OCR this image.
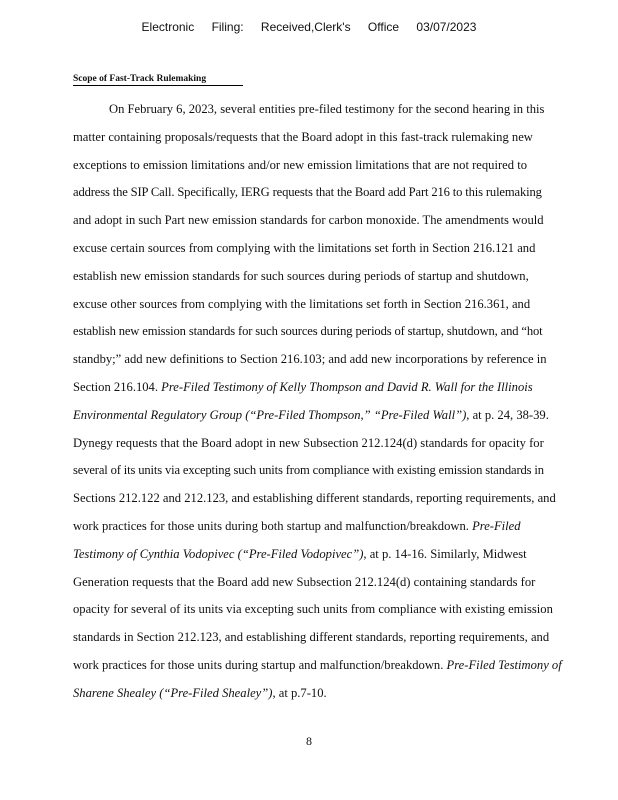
Electronic Filing: Received,Clerk's Office 03/07/2023
Scope of Fast-Track Rulemaking
On February 6, 2023, several entities pre-filed testimony for the second hearing in this
matter containing proposals/requests that the Board adopt in this fast-track rulemaking new
exceptions to emission limitations and/or new emission limitations that are not required to
address the SIP Call. Specifically, IERG requests that the Board add Part 216 to this rulemaking
and adopt in such Part new emission standards for carbon monoxide. The amendments would
excuse certain sources from complying with the limitations set forth in Section 216.121 and
establish new emission standards for such sources during periods of startup and shutdown,
excuse other sources from complying with the limitations set forth in Section 216.361, and
establish new emission standards for such sources during periods of startup, shutdown, and “hot
standby;” add new definitions to Section 216.103; and add new incorporations by reference in
Section 216.104. Pre-Filed Testimony of Kelly Thompson and David R. Wall for the Illinois
Environmental Regulatory Group (“Pre-Filed Thompson,” “Pre-Filed Wall”), at p. 24, 38-39.
Dynegy requests that the Board adopt in new Subsection 212.124(d) standards for opacity for
several of its units via excepting such units from compliance with existing emission standards in
Sections 212.122 and 212.123, and establishing different standards, reporting requirements, and
work practices for those units during both startup and malfunction/breakdown. Pre-Filed
Testimony of Cynthia Vodopivec (“Pre-Filed Vodopivec”), at p. 14-16. Similarly, Midwest
Generation requests that the Board add new Subsection 212.124(d) containing standards for
opacity for several of its units via excepting such units from compliance with existing emission
standards in Section 212.123, and establishing different standards, reporting requirements, and
work practices for those units during startup and malfunction/breakdown. Pre-Filed Testimony of
Sharene Shealey (“Pre-Filed Shealey”), at p.7-10.
8
